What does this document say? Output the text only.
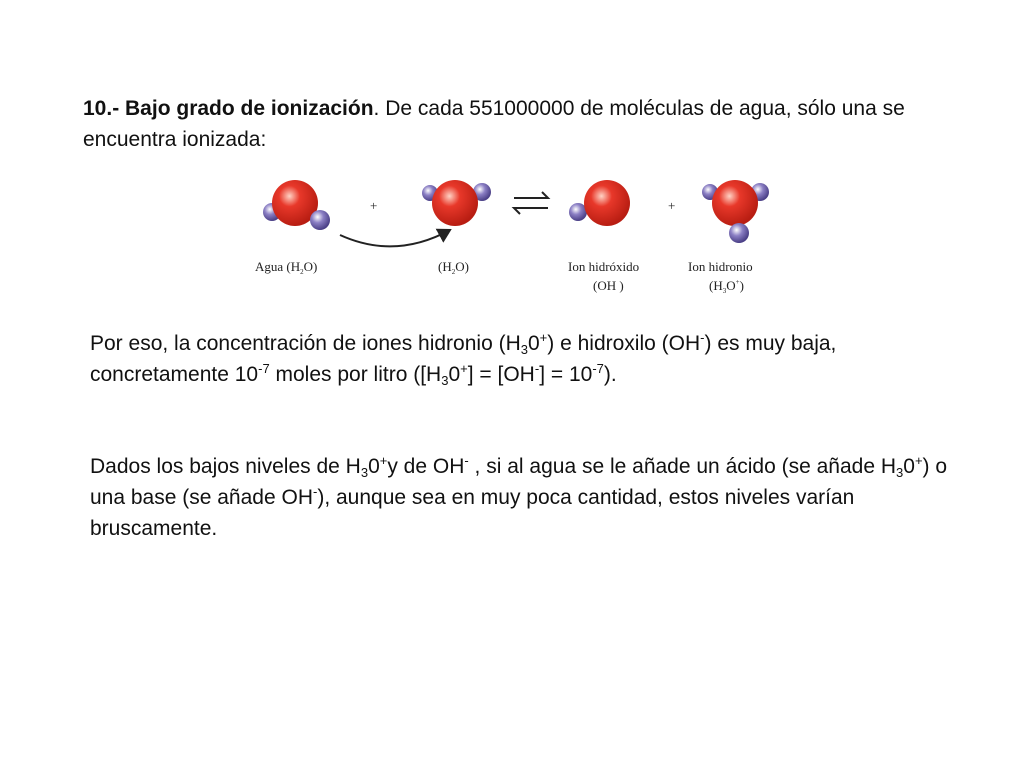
10.- Bajo grado de ionización. De cada 551000000 de moléculas de agua, sólo una se encuentra ionizada:
+	+
Agua $(H_2O)$	$(H_2O)$	Ion hidróxido
(OH )
Ion hidronio
$(H_3O^+)$
Por eso, la concentración de iones hidronio $(H_30^+)$ e hidroxilo (OH-) es muy baja, concretamente $10^{-7}$ moles por litro $([H_30^+] = [OH^-] = 10^{-7})$.
Dados los bajos niveles de $H_30^+y$ de OH- , si al agua se le añade un ácido (se añade $H_30^+$) o una base (se añade OH-), aunque sea en muy poca cantidad, estos niveles varían bruscamente.
